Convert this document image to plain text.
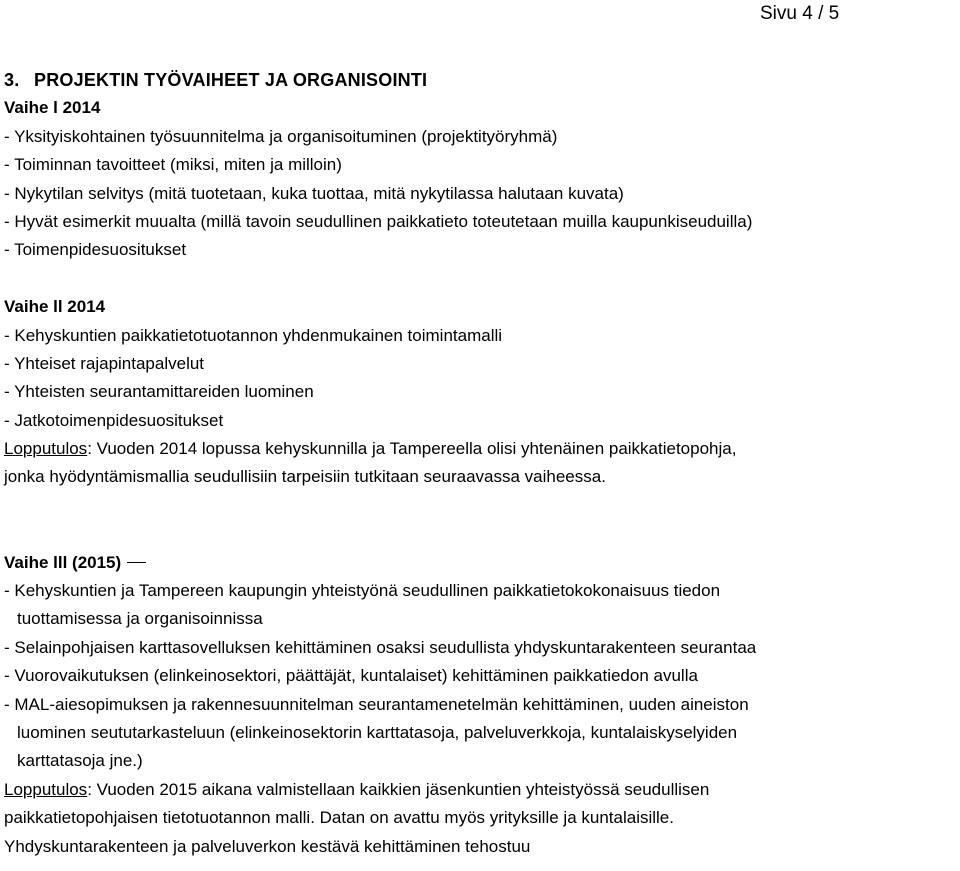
Sivu 4 / 5
3. PROJEKTIN TYÖVAIHEET JA ORGANISOINTI
Vaihe l 2014
- Yksityiskohtainen työsuunnitelma ja organisoituminen (projektityöryhmä)
- Toiminnan tavoitteet (miksi, miten ja milloin)
- Nykytilan selvitys (mitä tuotetaan, kuka tuottaa, mitä nykytilassa halutaan kuvata)
- Hyvät esimerkit muualta (millä tavoin seudullinen paikkatieto toteutetaan muilla kaupunkiseuduilla)
- Toimenpidesuositukset
Vaihe ll 2014
- Kehyskuntien paikkatietotuotannon yhdenmukainen toimintamalli
- Yhteiset rajapintapalvelut
- Yhteisten seurantamittareiden luominen
- Jatkotoimenpidesuositukset
Lopputulos: Vuoden 2014 lopussa kehyskunnilla ja Tampereella olisi yhtenäinen paikkatietopohja,
jonka hyödyntämismallia seudullisiin tarpeisiin tutkitaan seuraavassa vaiheessa.
Vaihe lll (2015)
- Kehyskuntien ja Tampereen kaupungin yhteistyönä seudullinen paikkatietokokonaisuus tiedon
tuottamisessa ja organisoinnissa
- Selainpohjaisen karttasovelluksen kehittäminen osaksi seudullista yhdyskuntarakenteen seurantaa
- Vuorovaikutuksen (elinkeinosektori, päättäjät, kuntalaiset) kehittäminen paikkatiedon avulla
- MAL-aiesopimuksen ja rakennesuunnitelman seurantamenetelmän kehittäminen, uuden aineiston
luominen seututarkasteluun (elinkeinosektorin karttatasoja, palveluverkkoja, kuntalaiskyselyiden
karttatasoja jne.)
Lopputulos: Vuoden 2015 aikana valmistellaan kaikkien jäsenkuntien yhteistyössä seudullisen
paikkatietopohjaisen tietotuotannon malli. Datan on avattu myös yrityksille ja kuntalaisille.
Yhdyskuntarakenteen ja palveluverkon kestävä kehittäminen tehostuu
